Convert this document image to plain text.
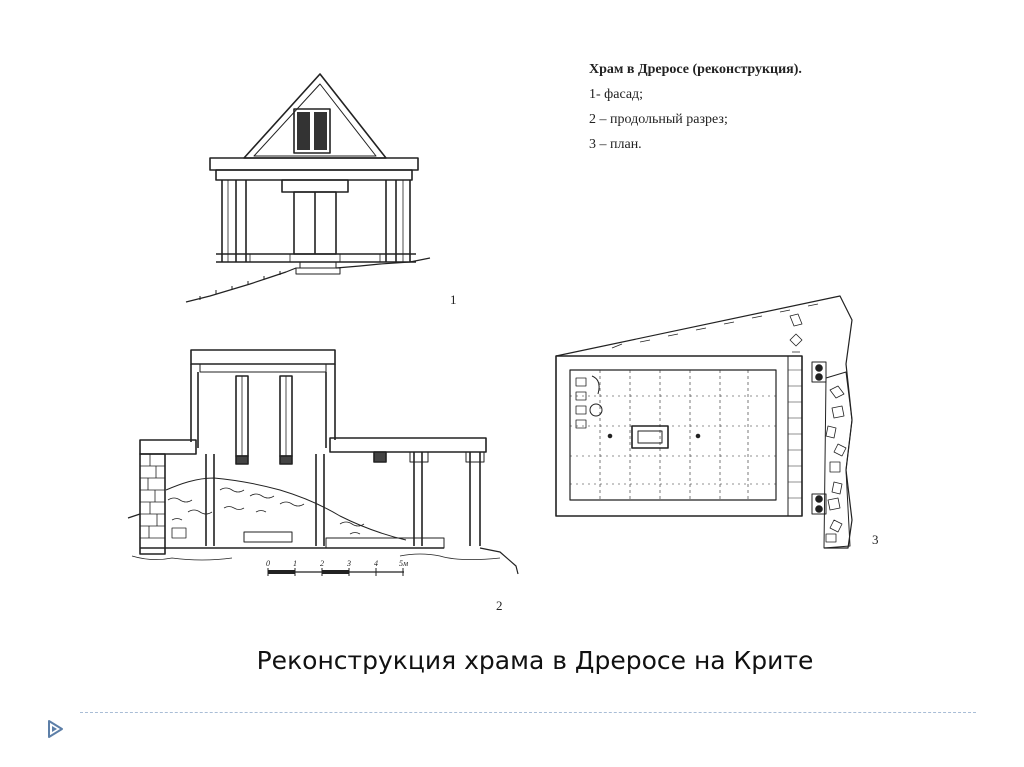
0	1	2	3	4	5м
Храм в Дреросе (реконструкция).
1- фасад;
2 – продольный разрез;
3 – план.
1
2
3
Реконструкция храма в Дреросе на Крите
